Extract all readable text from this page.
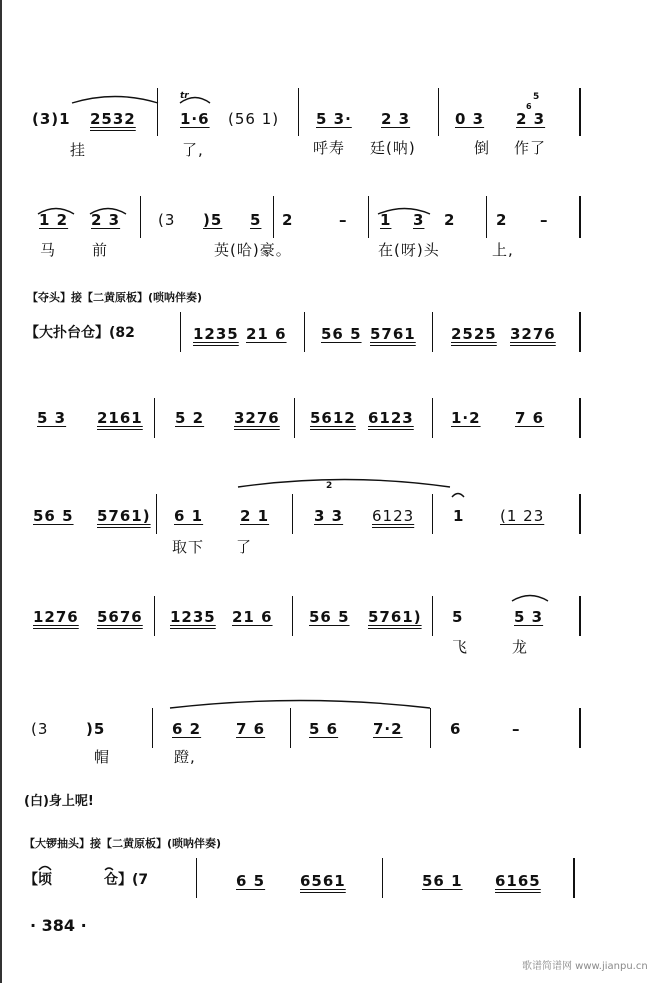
(3)1 2532
tr
1·6 (56 1) 5 3· 2 3	0 3 2 3
5
6
挂	了,	呼寿 廷(呐)	倒 作了
1 2 2 3	(3 )5 5 2	– 1 3 2	2 –
马 前	英(哈)豪。	在(呀)头	上,
【夺头】接【二黄原板】(唢呐伴奏)
【大扑台仓】(82	1235 21 6 56 5 5761 2525 3276
5 3 2161 5 2 3276 5612 6123 1·2 7 6
56 5 5761) 6 1 2 1
2
3 3 6123	1 (1 23
取下 了
1276 5676 1235 21 6 56 5 5761) 5	5 3
飞	龙
(3	)5	6 2 7 6	5 6 7·2	6	–
帽	蹬,
(白)身上呢!
【大锣抽头】接【二黄原板】(唢呐伴奏)
【顷	仓】(7	6 5 6561	56 1 6165
· 384 ·
歌谱简谱网 www.jianpu.cn
